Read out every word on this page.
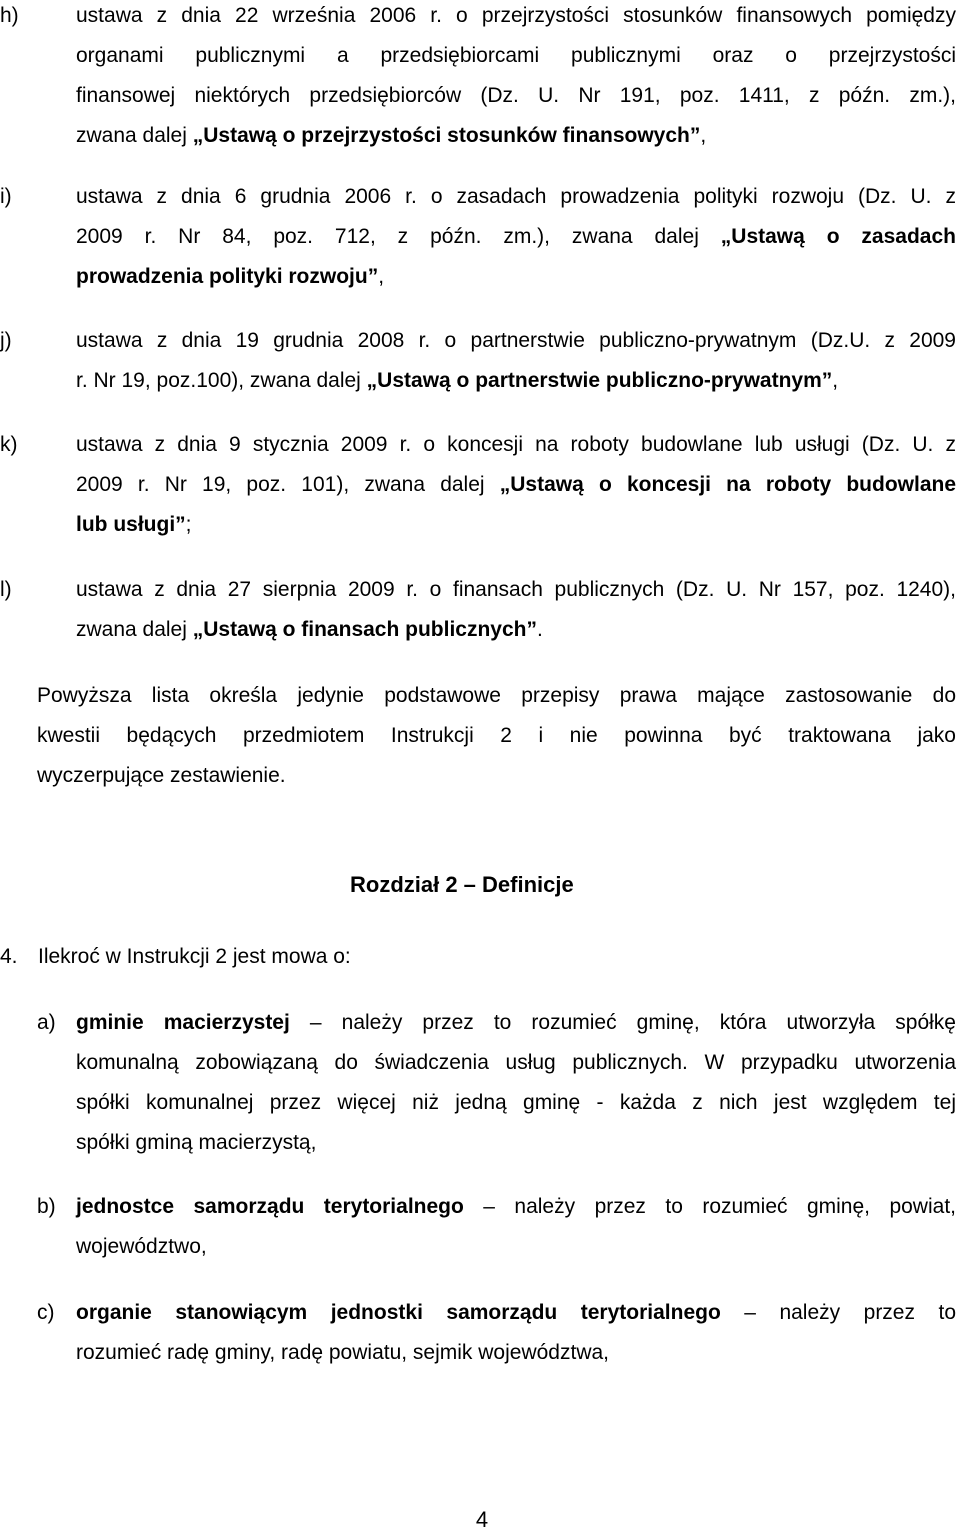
h)	ustawa z dnia 22 września 2006 r. o przejrzystości stosunków finansowych pomiędzy
organami publicznymi a przedsiębiorcami publicznymi oraz o przejrzystości
finansowej niektórych przedsiębiorców (Dz. U. Nr 191, poz. 1411, z późn. zm.),
zwana dalej „Ustawą o przejrzystości stosunków finansowych”,
i)	ustawa z dnia 6 grudnia 2006 r. o zasadach prowadzenia polityki rozwoju (Dz. U. z
2009 r. Nr 84, poz. 712, z późn. zm.), zwana dalej „Ustawą o zasadach
prowadzenia polityki rozwoju”,
j)	ustawa z dnia 19 grudnia 2008 r. o partnerstwie publiczno-prywatnym (Dz.U. z 2009
r. Nr 19, poz.100), zwana dalej „Ustawą o partnerstwie publiczno-prywatnym”,
k)	ustawa z dnia 9 stycznia 2009 r. o koncesji na roboty budowlane lub usługi (Dz. U. z
2009 r. Nr 19, poz. 101), zwana dalej „Ustawą o koncesji na roboty budowlane
lub usługi”;
l)	ustawa z dnia 27 sierpnia 2009 r. o finansach publicznych (Dz. U. Nr 157, poz. 1240),
zwana dalej „Ustawą o finansach publicznych”.
Powyższa lista określa jedynie podstawowe przepisy prawa mające zastosowanie do
kwestii będących przedmiotem Instrukcji 2 i nie powinna być traktowana jako
wyczerpujące zestawienie.
Rozdział 2 – Definicje
4. Ilekroć w Instrukcji 2 jest mowa o:
a) gminie macierzystej – należy przez to rozumieć gminę, która utworzyła spółkę
komunalną zobowiązaną do świadczenia usług publicznych. W przypadku utworzenia
spółki komunalnej przez więcej niż jedną gminę - każda z nich jest względem tej
spółki gminą macierzystą,
b) jednostce samorządu terytorialnego – należy przez to rozumieć gminę, powiat,
województwo,
c) organie stanowiącym jednostki samorządu terytorialnego – należy przez to
rozumieć radę gminy, radę powiatu, sejmik województwa,
4
